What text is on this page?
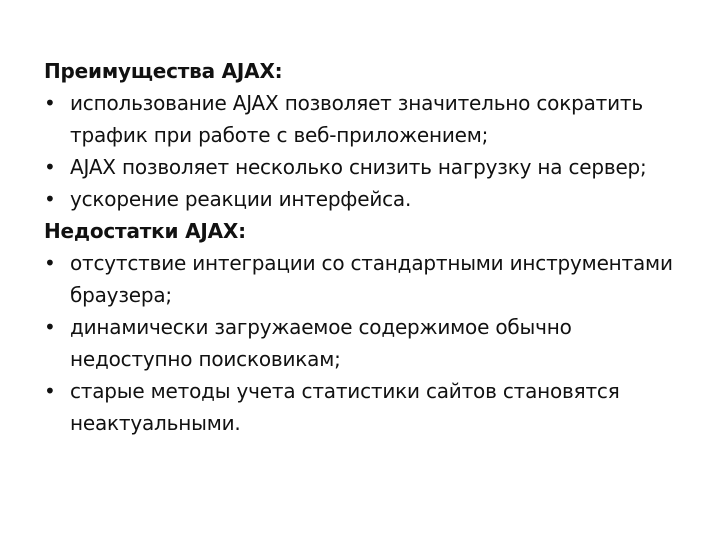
Преимущества AJAX:
• использование AJAX позволяет значительно сократить трафик при работе с веб-приложением;
• AJAX позволяет несколько снизить нагрузку на сервер;
• ускорение реакции интерфейса.
Недостатки AJAX:
• отсутствие интеграции со стандартными инструментами браузера;
• динамически загружаемое содержимое обычно недоступно поисковикам;
• старые методы учета статистики сайтов становятся неактуальными.
